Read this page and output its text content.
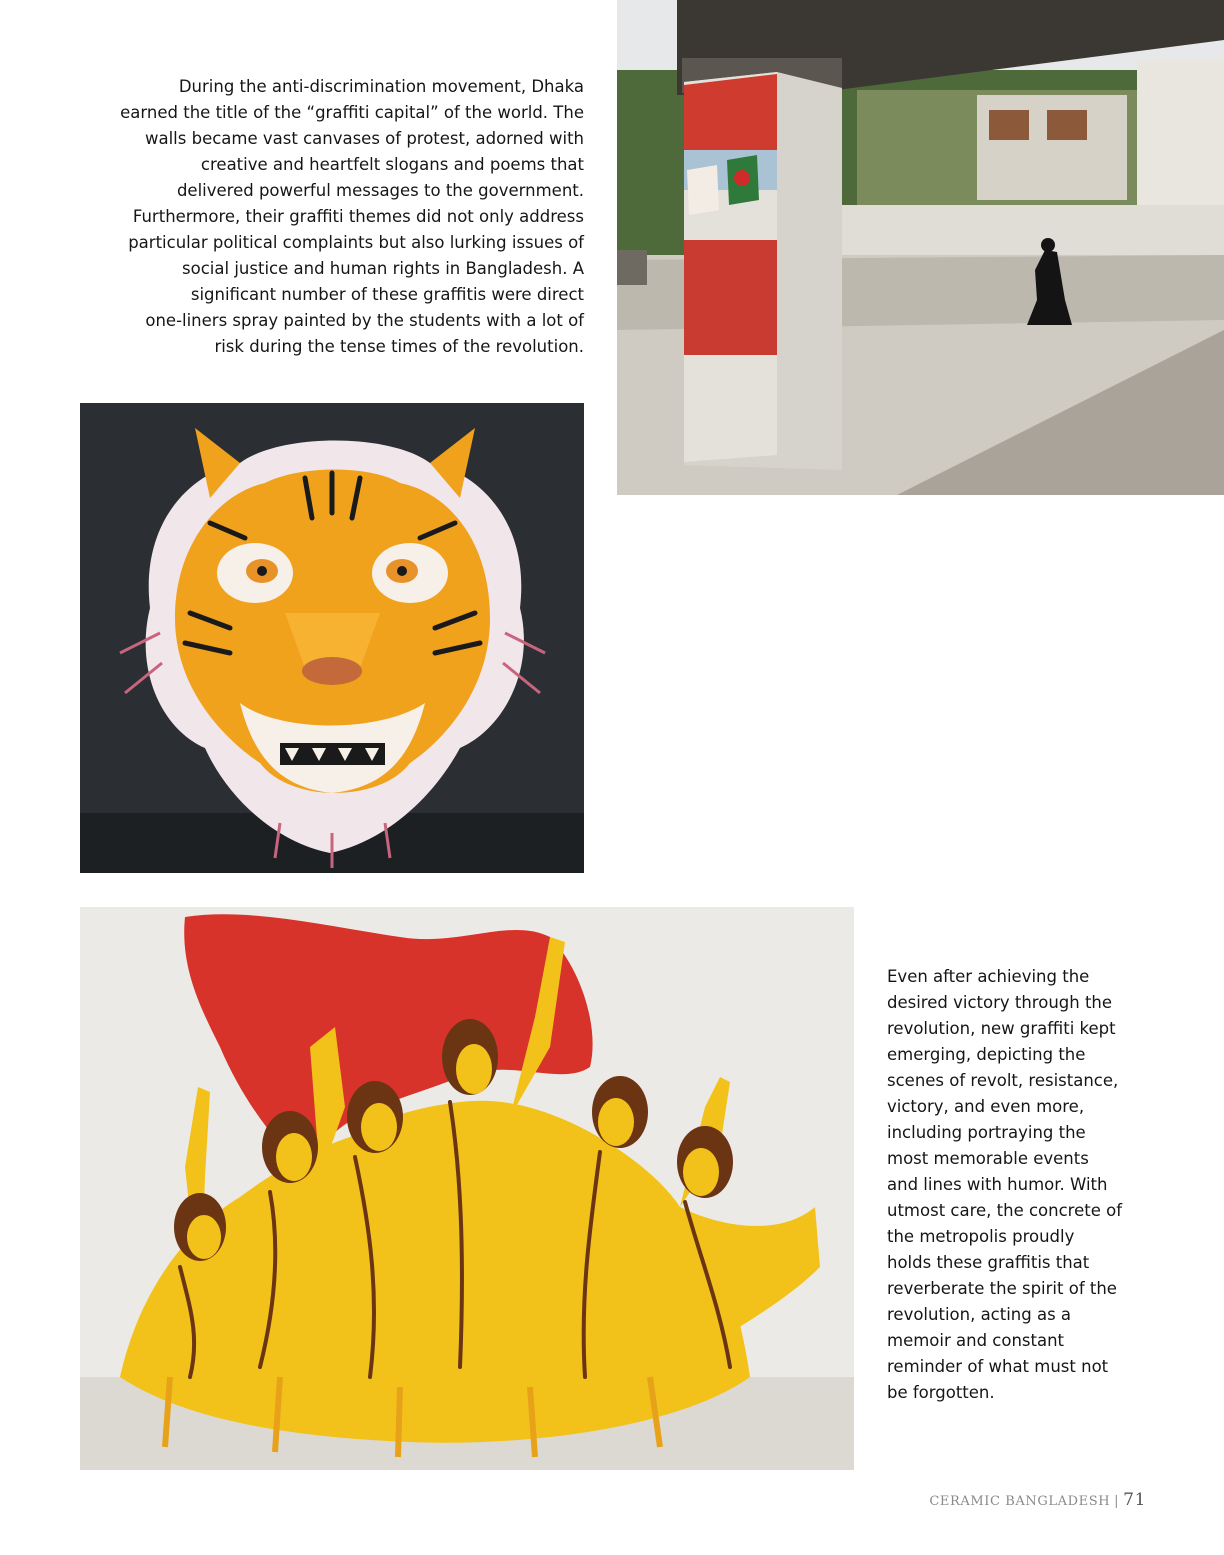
During the anti-discrimination movement, Dhaka
earned the title of the “graffiti capital” of the world. The
walls became vast canvases of protest, adorned with
creative and heartfelt slogans and poems that
delivered powerful messages to the government.
Furthermore, their graffiti themes did not only address
particular political complaints but also lurking issues of
social justice and human rights in Bangladesh. A
significant number of these graffitis were direct
one-liners spray painted by the students with a lot of
risk during the tense times of the revolution.

Even after achieving the
desired victory through the
revolution, new graffiti kept
emerging, depicting the
scenes of revolt, resistance,
victory, and even more,
including portraying the
most memorable events
and lines with humor. With
utmost care, the concrete of
the metropolis proudly
holds these graffitis that
reverberate the spirit of the
revolution, acting as a
memoir and constant
reminder of what must not
be forgotten.

CERAMIC BANGLADESH | 71
